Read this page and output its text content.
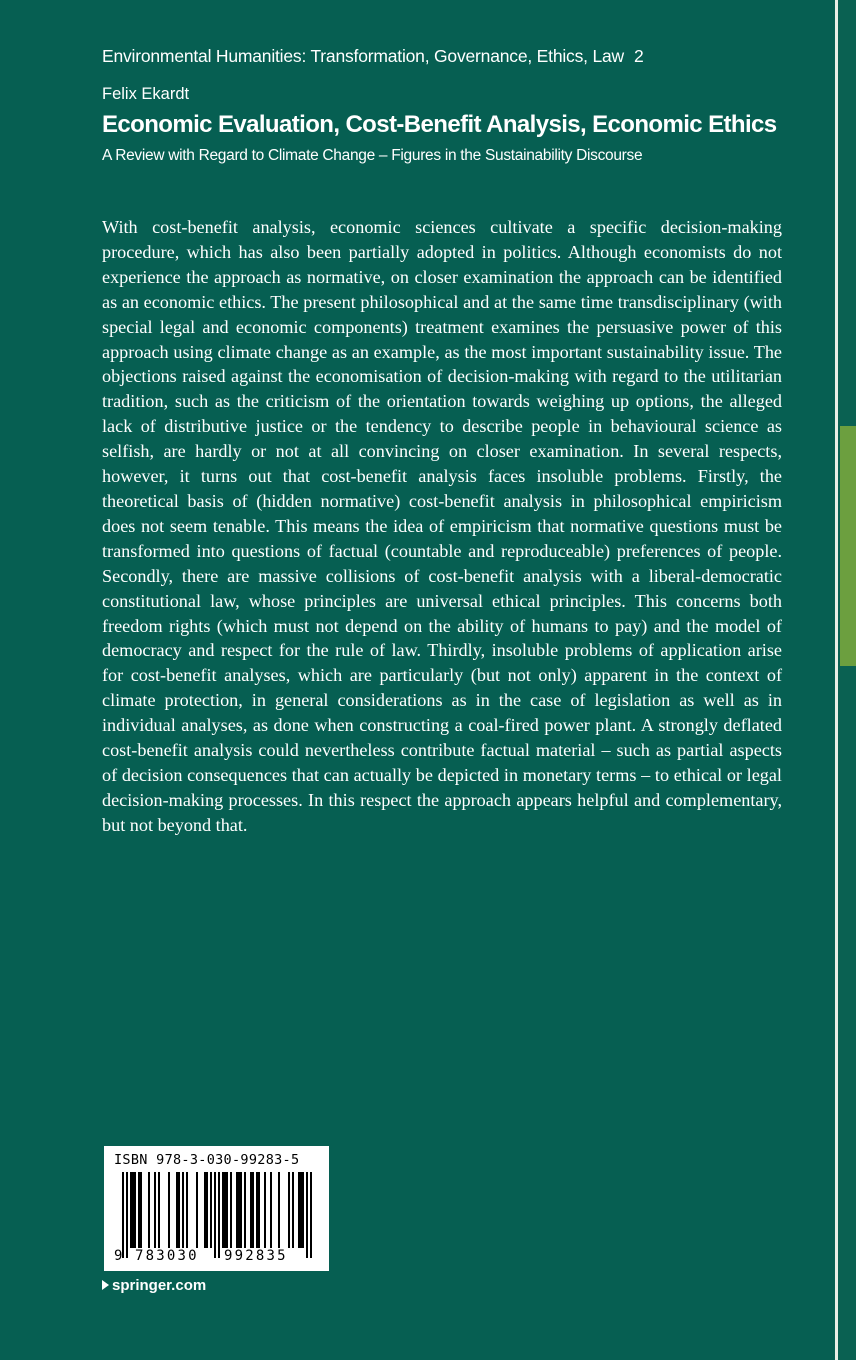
Environmental Humanities: Transformation, Governance, Ethics, Law 2
Felix Ekardt
Economic Evaluation, Cost-Benefit Analysis, Economic Ethics
A Review with Regard to Climate Change – Figures in the Sustainability Discourse

With cost-benefit analysis, economic sciences cultivate a specific decision-making procedure, which has also been partially adopted in politics. Although economists do not experience the approach as normative, on closer examination the approach can be identified as an economic ethics. The present philosophical and at the same time transdisciplinary (with special legal and economic components) treatment examines the persuasive power of this approach using climate change as an example, as the most important sustainability issue. The objections raised against the economisation of decision-making with regard to the utilitarian tradition, such as the criticism of the orientation towards weighing up options, the alleged lack of distributive justice or the tendency to describe people in behavioural science as selfish, are hardly or not at all convincing on closer examination. In several respects, however, it turns out that cost-benefit analysis faces insoluble problems. Firstly, the theoretical basis of (hidden normative) cost-benefit analysis in philosophical empiricism does not seem tenable. This means the idea of empiricism that normative questions must be transformed into questions of factual (countable and reproduceable) preferences of people. Secondly, there are massive collisions of cost-benefit analysis with a liberal-democratic constitutional law, whose principles are universal ethical principles. This concerns both freedom rights (which must not depend on the ability of humans to pay) and the model of democracy and respect for the rule of law. Thirdly, insoluble problems of application arise for cost-benefit analyses, which are particularly (but not only) apparent in the context of climate protection, in general considerations as in the case of legislation as well as in individual analyses, as done when constructing a coal-fired power plant. A strongly deflated cost-benefit analysis could nevertheless contribute factual material – such as partial aspects of decision consequences that can actually be depicted in monetary terms – to ethical or legal decision-making processes. In this respect the approach appears helpful and complementary, but not beyond that.

ISBN 978-3-030-99283-5
9 783030 992835
springer.com
